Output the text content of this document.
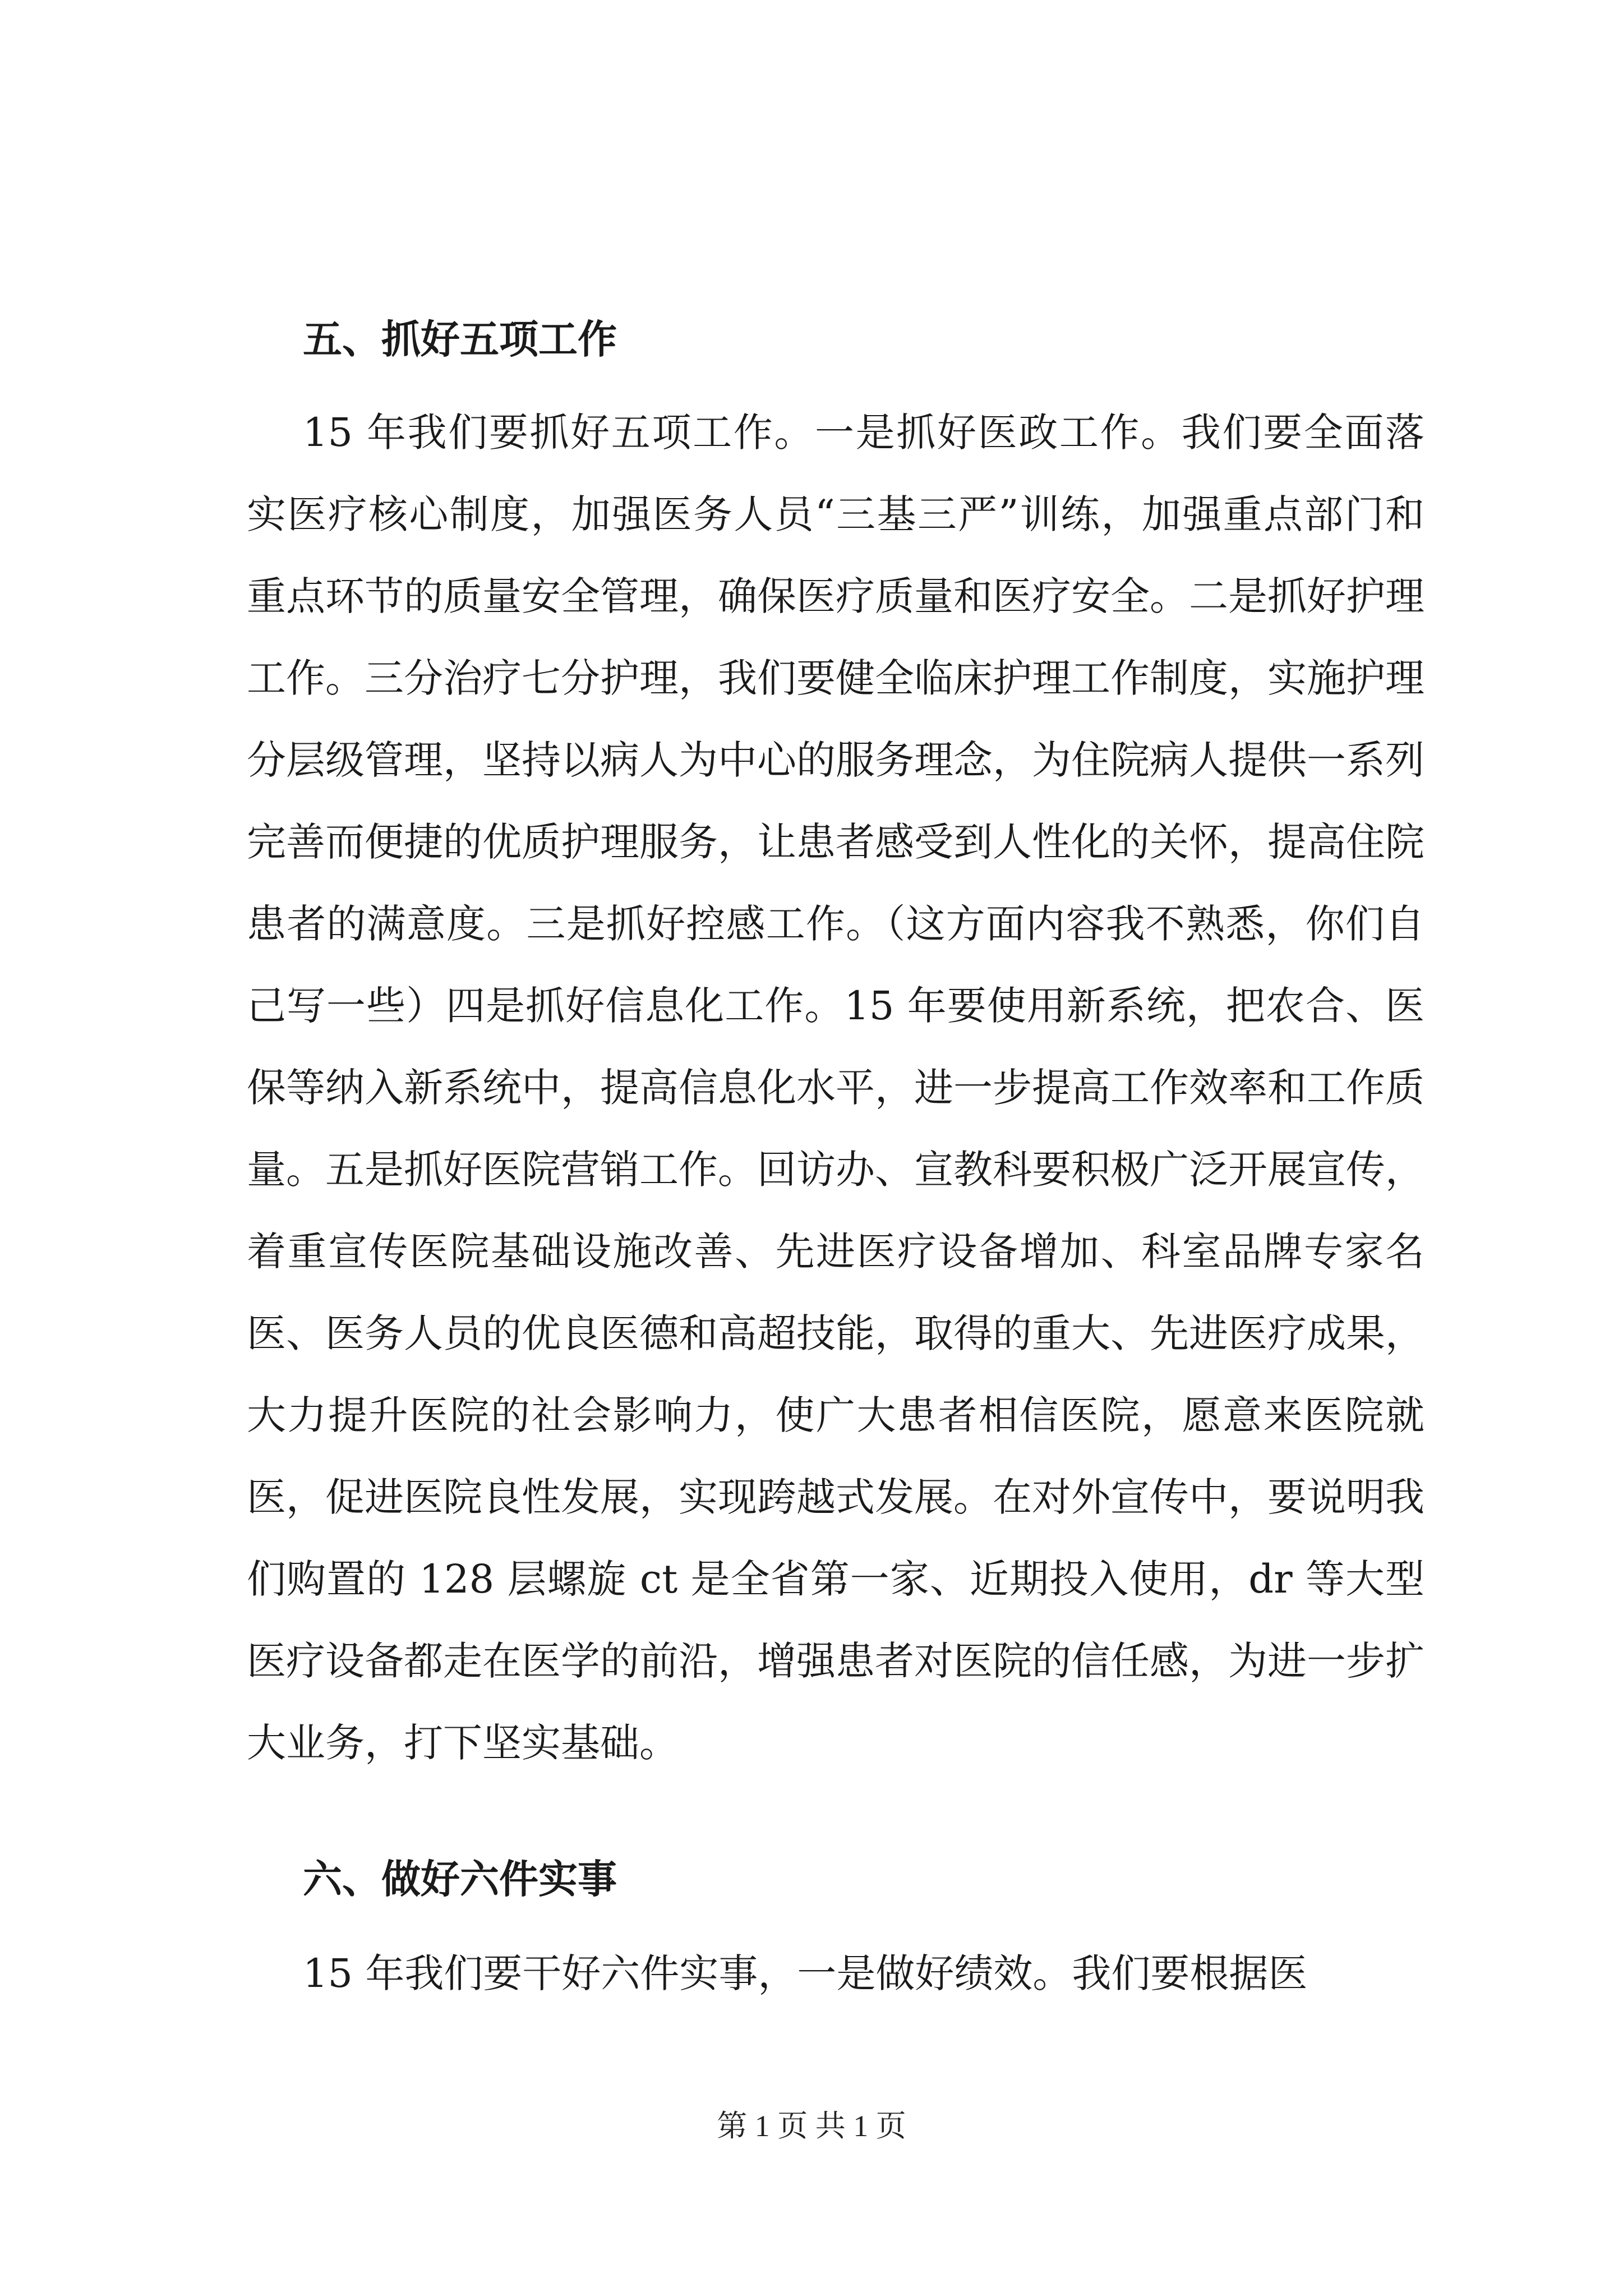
五、抓好五项工作

15 年我们要抓好五项工作。一是抓好医政工作。我们要全面落实医疗核心制度，加强医务人员“三基三严”训练，加强重点部门和重点环节的质量安全管理，确保医疗质量和医疗安全。二是抓好护理工作。三分治疗七分护理，我们要健全临床护理工作制度，实施护理分层级管理，坚持以病人为中心的服务理念，为住院病人提供一系列完善而便捷的优质护理服务，让患者感受到人性化的关怀，提高住院患者的满意度。三是抓好控感工作。（这方面内容我不熟悉，你们自己写一些）四是抓好信息化工作。15 年要使用新系统，把农合、医保等纳入新系统中，提高信息化水平，进一步提高工作效率和工作质量。五是抓好医院营销工作。回访办、宣教科要积极广泛开展宣传，着重宣传医院基础设施改善、先进医疗设备增加、科室品牌专家名医、医务人员的优良医德和高超技能，取得的重大、先进医疗成果，大力提升医院的社会影响力，使广大患者相信医院，愿意来医院就医，促进医院良性发展，实现跨越式发展。在对外宣传中，要说明我们购置的 128 层螺旋 ct 是全省第一家、近期投入使用，dr 等大型医疗设备都走在医学的前沿，增强患者对医院的信任感，为进一步扩大业务，打下坚实基础。

六、做好六件实事

15 年我们要干好六件实事，一是做好绩效。我们要根据医

第 1 页 共 1 页
